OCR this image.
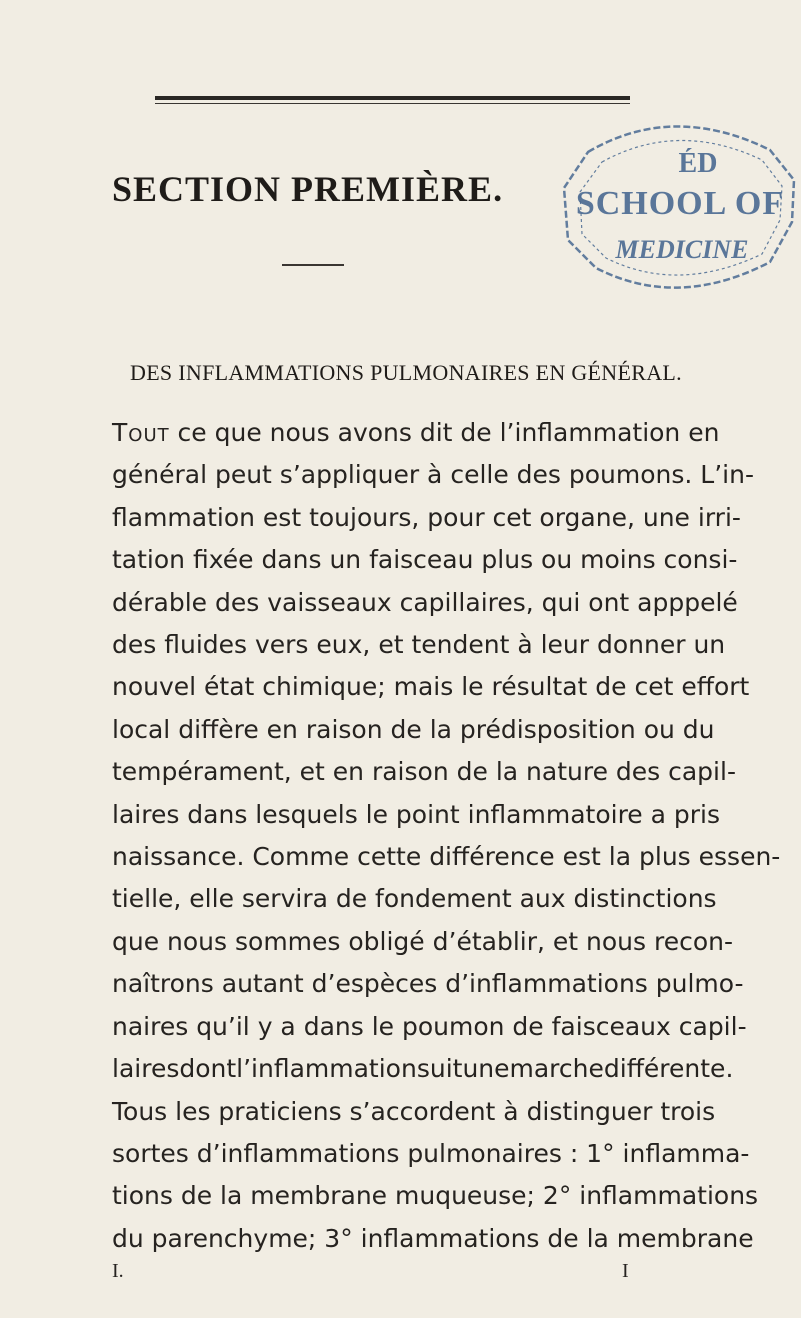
SECTION PREMIÈRE.
ÉD
SCHOOL OF
MEDICINE
DES INFLAMMATIONS PULMONAIRES EN GÉNÉRAL.
Tout ce que nous avons dit de l’inflammation en
général peut s’appliquer à celle des poumons. L’in-
flammation est toujours, pour cet organe, une irri-
tation fixée dans un faisceau plus ou moins consi-
dérable des vaisseaux capillaires, qui ont apppelé
des fluides vers eux, et tendent à leur donner un
nouvel état chimique; mais le résultat de cet effort
local diffère en raison de la prédisposition ou du
tempérament, et en raison de la nature des capil-
laires dans lesquels le point inflammatoire a pris
naissance. Comme cette différence est la plus essen-
tielle, elle servira de fondement aux distinctions
que nous sommes obligé d’établir, et nous recon-
naîtrons autant d’espèces d’inflammations pulmo-
naires qu’il y a dans le poumon de faisceaux capil-
lairesdontl’inflammationsuitunemarchedifférente.
Tous les praticiens s’accordent à distinguer trois
sortes d’inflammations pulmonaires : 1° inflamma-
tions de la membrane muqueuse; 2° inflammations
du parenchyme; 3° inflammations de la membrane
I.	I
